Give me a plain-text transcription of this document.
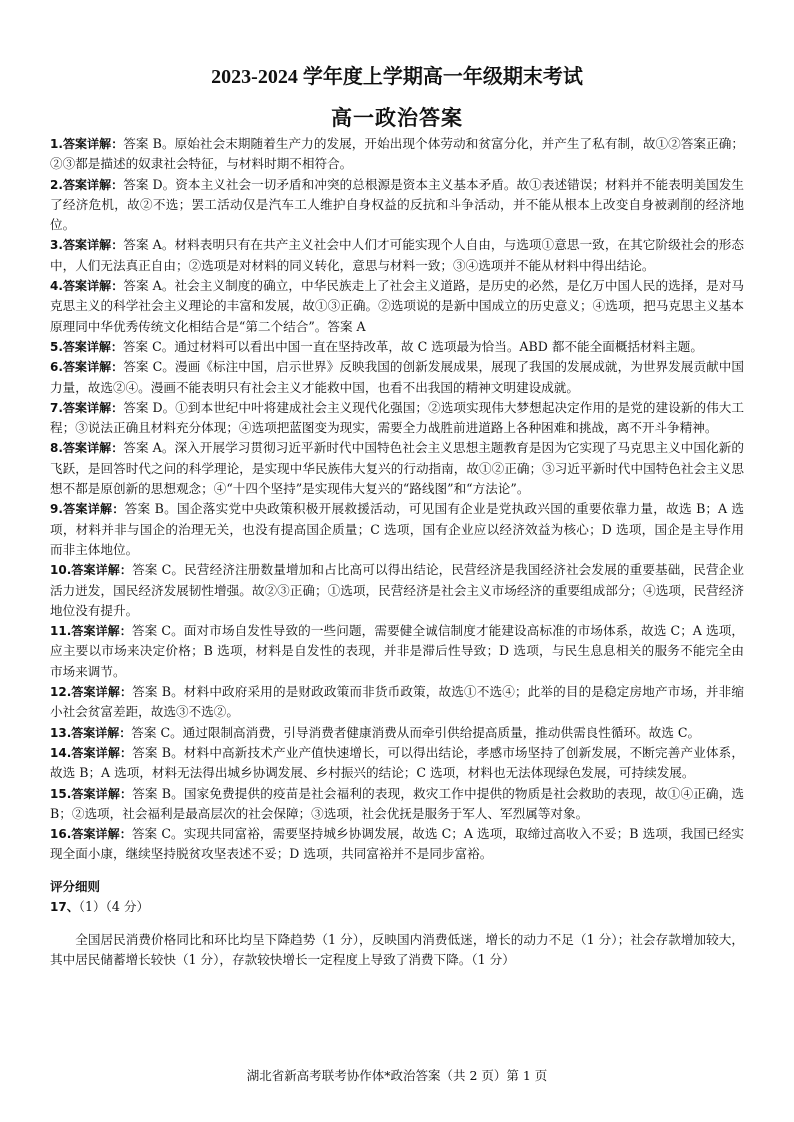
2023-2024 学年度上学期高一年级期末考试
高一政治答案

1.答案详解：答案 B。原始社会末期随着生产力的发展，开始出现个体劳动和贫富分化，并产生了私有制，故①②答案正确；②③都是描述的奴隶社会特征，与材料时期不相符合。

2.答案详解：答案 D。资本主义社会一切矛盾和冲突的总根源是资本主义基本矛盾。故①表述错误；材料并不能表明美国发生了经济危机，故②不选；罢工活动仅是汽车工人维护自身权益的反抗和斗争活动，并不能从根本上改变自身被剥削的经济地位。

3.答案详解：答案 A。材料表明只有在共产主义社会中人们才可能实现个人自由，与选项①意思一致，在其它阶级社会的形态中，人们无法真正自由；②选项是对材料的同义转化，意思与材料一致；③④选项并不能从材料中得出结论。

4.答案详解：答案 A。社会主义制度的确立，中华民族走上了社会主义道路，是历史的必然，是亿万中国人民的选择，是对马克思主义的科学社会主义理论的丰富和发展，故①③正确。②选项说的是新中国成立的历史意义；④选项，把马克思主义基本原理同中华优秀传统文化相结合是“第二个结合”。答案 A

5.答案详解：答案 C。通过材料可以看出中国一直在坚持改革，故 C 选项最为恰当。ABD 都不能全面概括材料主题。

6.答案详解：答案 C。漫画《标注中国，启示世界》反映我国的创新发展成果，展现了我国的发展成就，为世界发展贡献中国力量，故选②④。漫画不能表明只有社会主义才能救中国，也看不出我国的精神文明建设成就。

7.答案详解：答案 D。①到本世纪中叶将建成社会主义现代化强国；②选项实现伟大梦想起决定作用的是党的建设新的伟大工程；③说法正确且材料充分体现；④选项把蓝图变为现实，需要全力战胜前进道路上各种困难和挑战，离不开斗争精神。

8.答案详解：答案 A。深入开展学习贯彻习近平新时代中国特色社会主义思想主题教育是因为它实现了马克思主义中国化新的飞跃，是回答时代之问的科学理论，是实现中华民族伟大复兴的行动指南，故①②正确；③习近平新时代中国特色社会主义思想不都是原创新的思想观念；④“十四个坚持”是实现伟大复兴的“路线图”和“方法论”。

9.答案详解：答案 B。国企落实党中央政策积极开展救援活动，可见国有企业是党执政兴国的重要依靠力量，故选 B；A 选项，材料并非与国企的治理无关，也没有提高国企质量；C 选项，国有企业应以经济效益为核心；D 选项，国企是主导作用而非主体地位。

10.答案详解：答案 C。民营经济注册数量增加和占比高可以得出结论，民营经济是我国经济社会发展的重要基础，民营企业活力迸发，国民经济发展韧性增强。故②③正确；①选项，民营经济是社会主义市场经济的重要组成部分；④选项，民营经济地位没有提升。

11.答案详解：答案 C。面对市场自发性导致的一些问题，需要健全诚信制度才能建设高标准的市场体系，故选 C；A 选项，应主要以市场来决定价格；B 选项，材料是自发性的表现，并非是滞后性导致；D 选项，与民生息息相关的服务不能完全由市场来调节。

12.答案详解：答案 B。材料中政府采用的是财政政策而非货币政策，故选①不选④；此举的目的是稳定房地产市场，并非缩小社会贫富差距，故选③不选②。

13.答案详解：答案 C。通过限制高消费，引导消费者健康消费从而牵引供给提高质量，推动供需良性循环。故选 C。

14.答案详解：答案 B。材料中高新技术产业产值快速增长，可以得出结论，孝感市场坚持了创新发展，不断完善产业体系，故选 B；A 选项，材料无法得出城乡协调发展、乡村振兴的结论；C 选项，材料也无法体现绿色发展，可持续发展。

15.答案详解：答案 B。国家免费提供的疫苗是社会福利的表现，救灾工作中提供的物质是社会救助的表现，故①④正确，选 B；②选项，社会福利是最高层次的社会保障；③选项，社会优抚是服务于军人、军烈属等对象。

16.答案详解：答案 C。实现共同富裕，需要坚持城乡协调发展，故选 C；A 选项，取缔过高收入不妥；B 选项，我国已经实现全面小康，继续坚持脱贫攻坚表述不妥；D 选项，共同富裕并不是同步富裕。

评分细则
17、（1）（4 分）

全国居民消费价格同比和环比均呈下降趋势（1 分），反映国内消费低迷，增长的动力不足（1 分）；社会存款增加较大，其中居民储蓄增长较快（1 分），存款较快增长一定程度上导致了消费下降。（1 分）

湖北省新高考联考协作体*政治答案（共 2 页）第 1 页
